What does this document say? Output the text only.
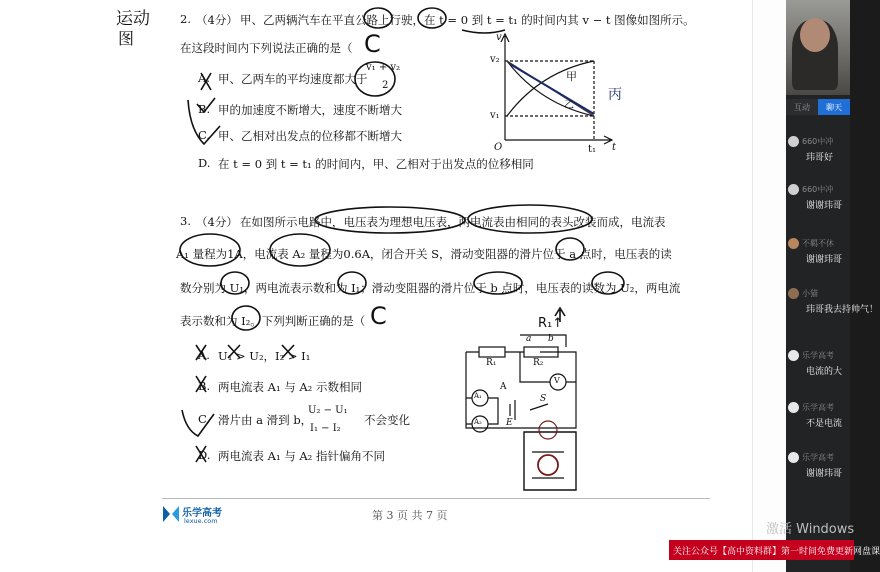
2. （4分） 甲、乙两辆汽车在平直公路上行驶，在 t = 0 到 t = t₁ 的时间内其 v − t 图像如图所示。
在这段时间内下列说法正确的是（ C
A. 甲、乙两车的平均速度都大于
v₁ + v₂
2
B. 甲的加速度不断增大，速度不断增大
C. 甲、乙相对出发点的位移都不断增大
D. 在 t = 0 到 t = t₁ 的时间内，甲、乙相对于出发点的位移相同
3. （4分） 在如图所示电路中，电压表为理想电压表，两电流表由相同的表头改装而成，电流表
A₁ 量程为1A，电流表 A₂ 量程为0.6A，闭合开关 S，滑动变阻器的滑片位于 a 点时，电压表的读
数分别为 U₁，两电流表示数和为 I₁；滑动变阻器的滑片位于 b 点时，电压表的读数为 U₂，两电流
表示数和为 I₂。下列判断正确的是（ C
A. U₁ > U₂，I₂ > I₁
B. 两电流表 A₁ 与 A₂ 示数相同
C. 滑片由 a 滑到 b，
U₂ − U₁
I₁ − I₂
不会变化
D. 两电流表 A₁ 与 A₂ 指针偏角不同
乐学高考
lexue.com	第 3 页 共 7 页
运动
图	v
v₂
v₁
O	t₁ t
甲
乙
丙
R₁	R₂
a b
V
A₁
A₂
A
E
S
R₁↑
互动	聊天
660中冲
玮哥好
660中冲
谢谢玮哥
不羁不休
谢谢玮哥
小猫
玮哥我去持帅气！
乐学高考
电流的大
乐学高考
不是电流
乐学高考
谢谢玮哥
激活 Windows
关注公众号【高中资料群】第一时间免费更新网盘课
